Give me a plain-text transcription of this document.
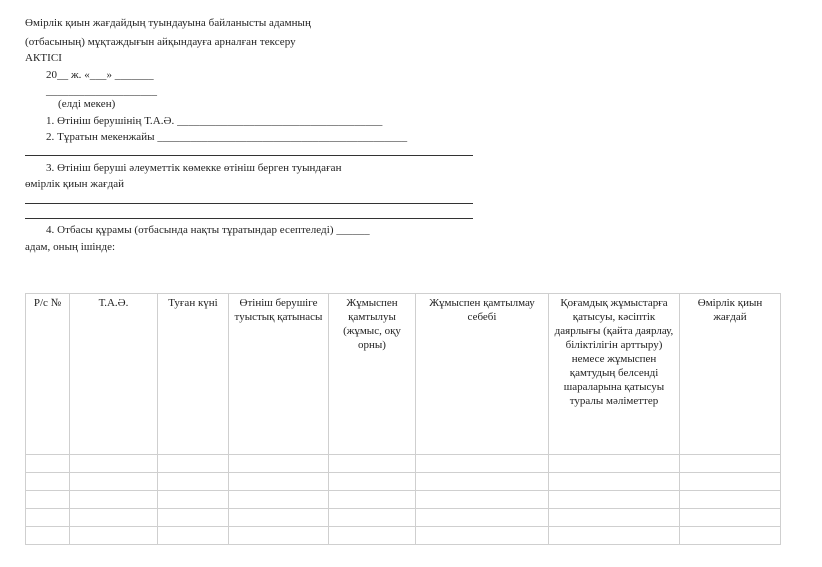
Өмірлік қиын жағдайдың туындауына байланысты адамның
(отбасының) мұқтаждығын айқындауға арналған тексеру
АКТІСІ
20__ ж. «___» _______
____________________
(елді мекен)
1. Өтініш берушінің Т.А.Ә. _____________________________________
2. Тұратын мекенжайы _____________________________________________
3. Өтініш беруші әлеуметтік көмекке өтініш берген туындаған
өмірлік қиын жағдай
4. Отбасы құрамы (отбасында нақты тұратындар есептеледі) ______
адам, оның ішінде:
Р/с №	Т.А.Ә.	Туған күні	Өтініш берушіге туыстық қатынасы	Жұмыспен қамтылуы (жұмыс, оқу орны)	Жұмыспен қамтылмау себебі	Қоғамдық жұмыстарға қатысуы, кәсіптік даярлығы (қайта даярлау, біліктілігін арттыру) немесе жұмыспен қамтудың белсенді шараларына қатысуы туралы мәліметтер	Өмірлік қиын жағдай
